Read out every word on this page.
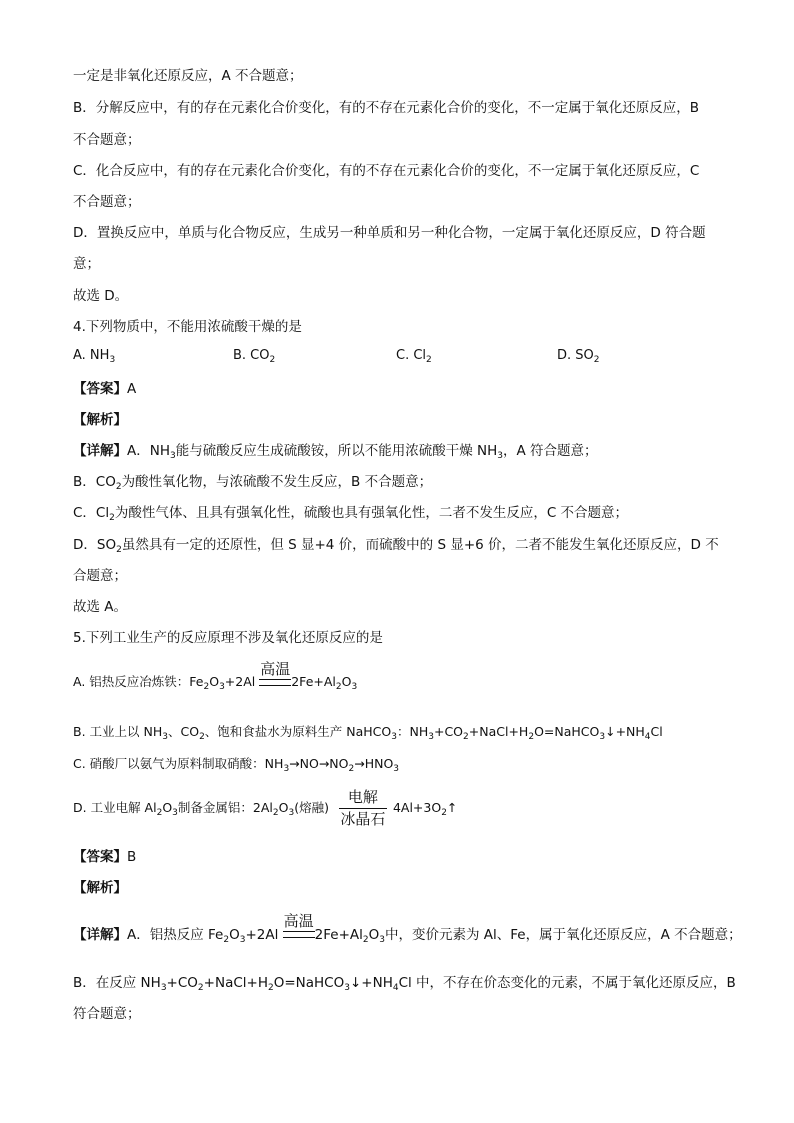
一定是非氧化还原反应，A 不合题意；
B．分解反应中，有的存在元素化合价变化，有的不存在元素化合价的变化，不一定属于氧化还原反应，B
不合题意；
C．化合反应中，有的存在元素化合价变化，有的不存在元素化合价的变化，不一定属于氧化还原反应，C
不合题意；
D．置换反应中，单质与化合物反应，生成另一种单质和另一种化合物，一定属于氧化还原反应，D 符合题
意；
故选 D。
4.下列物质中，不能用浓硫酸干燥的是
A. $NH_3$	B. $CO_2$	C. $Cl_2$	D. $SO_2$
【答案】A
【解析】
【详解】A．$NH_3$能与硫酸反应生成硫酸铵，所以不能用浓硫酸干燥 $NH_3$，A 符合题意；
B．$CO_2$为酸性氧化物，与浓硫酸不发生反应，B 不合题意；
C．$Cl_2$为酸性气体、且具有强氧化性，硫酸也具有强氧化性，二者不发生反应，C 不合题意；
D．$SO_2$虽然具有一定的还原性，但 S 显+4 价，而硫酸中的 S 显+6 价，二者不能发生氧化还原反应，D 不
合题意；
故选 A。
5.下列工业生产的反应原理不涉及氧化还原反应的是
A. 铝热反应冶炼铁：$Fe_2O_3+2Al$
高温
$2Fe+Al_2O_3$
B. 工业上以 $NH_3$、$CO_2$、饱和食盐水为原料生产 NaHCO$_3$：$NH_3+CO_2+NaCl+H_2O=NaHCO_3↓+NH_4Cl$
C. 硝酸厂以氨气为原料制取硝酸：$NH_3\to NO\to NO_2\to HNO_3$
D. 工业电解 $Al_2O_3$制备金属铝：$2Al_2O_3$(熔融)
电解
冰晶石
$4Al+3O_2↑$
【答案】B
【解析】
【详解】A．铝热反应 $Fe_2O_3+2Al$
高温
$2Fe+Al_2O_3$中，变价元素为 Al、Fe，属于氧化还原反应，A 不合题意；
B．在反应 $NH_3+CO_2+NaCl+H_2O=NaHCO_3↓+NH_4Cl$ 中，不存在价态变化的元素，不属于氧化还原反应，B
符合题意；
